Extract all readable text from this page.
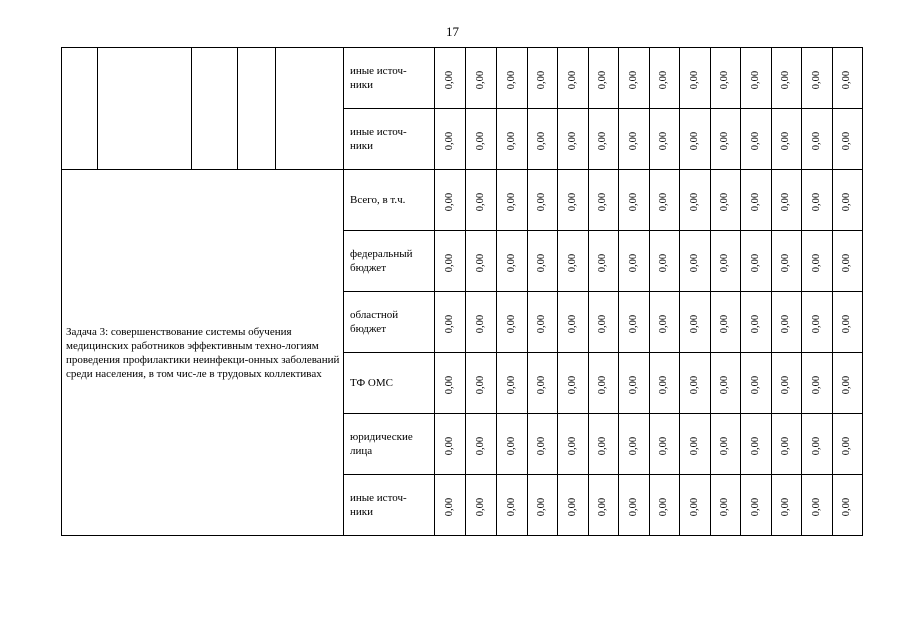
17
					иные источ-
ники	0,00	0,00	0,00	0,00	0,00	0,00	0,00	0,00	0,00	0,00	0,00	0,00	0,00	0,00
					иные источ-
ники	0,00	0,00	0,00	0,00	0,00	0,00	0,00	0,00	0,00	0,00	0,00	0,00	0,00	0,00
Задача 3: совершенствование системы обучения медицинских работников эффективным техно-логиям проведения профилактики неинфекци-онных заболеваний среди населения, в том чис-ле в трудовых коллективах					Всего, в т.ч.	0,00	0,00	0,00	0,00	0,00	0,00	0,00	0,00	0,00	0,00	0,00	0,00	0,00	0,00
					федеральный
бюджет	0,00	0,00	0,00	0,00	0,00	0,00	0,00	0,00	0,00	0,00	0,00	0,00	0,00	0,00
					областной
бюджет	0,00	0,00	0,00	0,00	0,00	0,00	0,00	0,00	0,00	0,00	0,00	0,00	0,00	0,00
					ТФ ОМС	0,00	0,00	0,00	0,00	0,00	0,00	0,00	0,00	0,00	0,00	0,00	0,00	0,00	0,00
					юридические
лица	0,00	0,00	0,00	0,00	0,00	0,00	0,00	0,00	0,00	0,00	0,00	0,00	0,00	0,00
					иные источ-
ники	0,00	0,00	0,00	0,00	0,00	0,00	0,00	0,00	0,00	0,00	0,00	0,00	0,00	0,00
